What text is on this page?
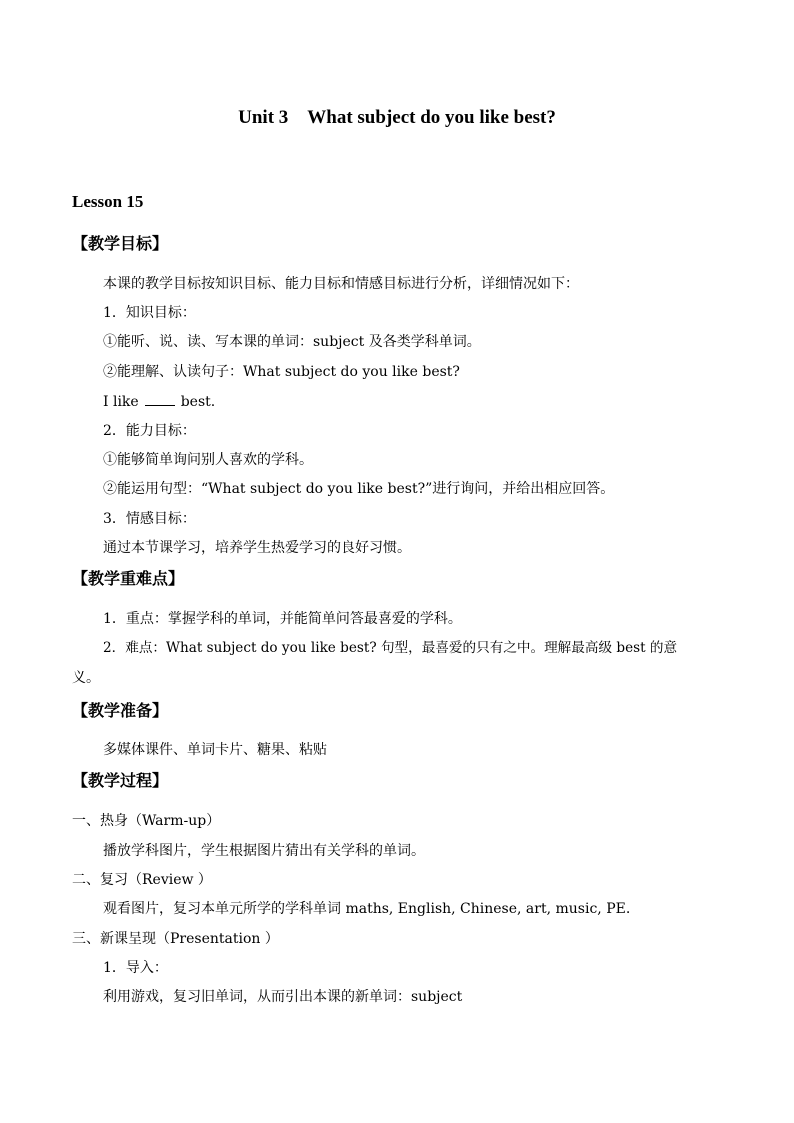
Unit 3　What subject do you like best?
Lesson 15
【教学目标】
本课的教学目标按知识目标、能力目标和情感目标进行分析，详细情况如下：
1．知识目标：
①能听、说、读、写本课的单词：subject 及各类学科单词。
②能理解、认读句子：What subject do you like best?
I like	best.
2．能力目标：
①能够简单询问别人喜欢的学科。
②能运用句型：“What subject do you like best?”进行询问，并给出相应回答。
3．情感目标：
通过本节课学习，培养学生热爱学习的良好习惯。
【教学重难点】
1．重点：掌握学科的单词，并能简单问答最喜爱的学科。
2．难点：What subject do you like best? 句型，最喜爱的只有之中。理解最高级 best 的意
义。
【教学准备】
多媒体课件、单词卡片、糖果、粘贴
【教学过程】
一、热身（Warm-up）
播放学科图片，学生根据图片猜出有关学科的单词。
二、复习（Review ）
观看图片，复习本单元所学的学科单词 maths, English, Chinese, art, music, PE.
三、新课呈现（Presentation ）
1．导入：
利用游戏，复习旧单词，从而引出本课的新单词：subject
